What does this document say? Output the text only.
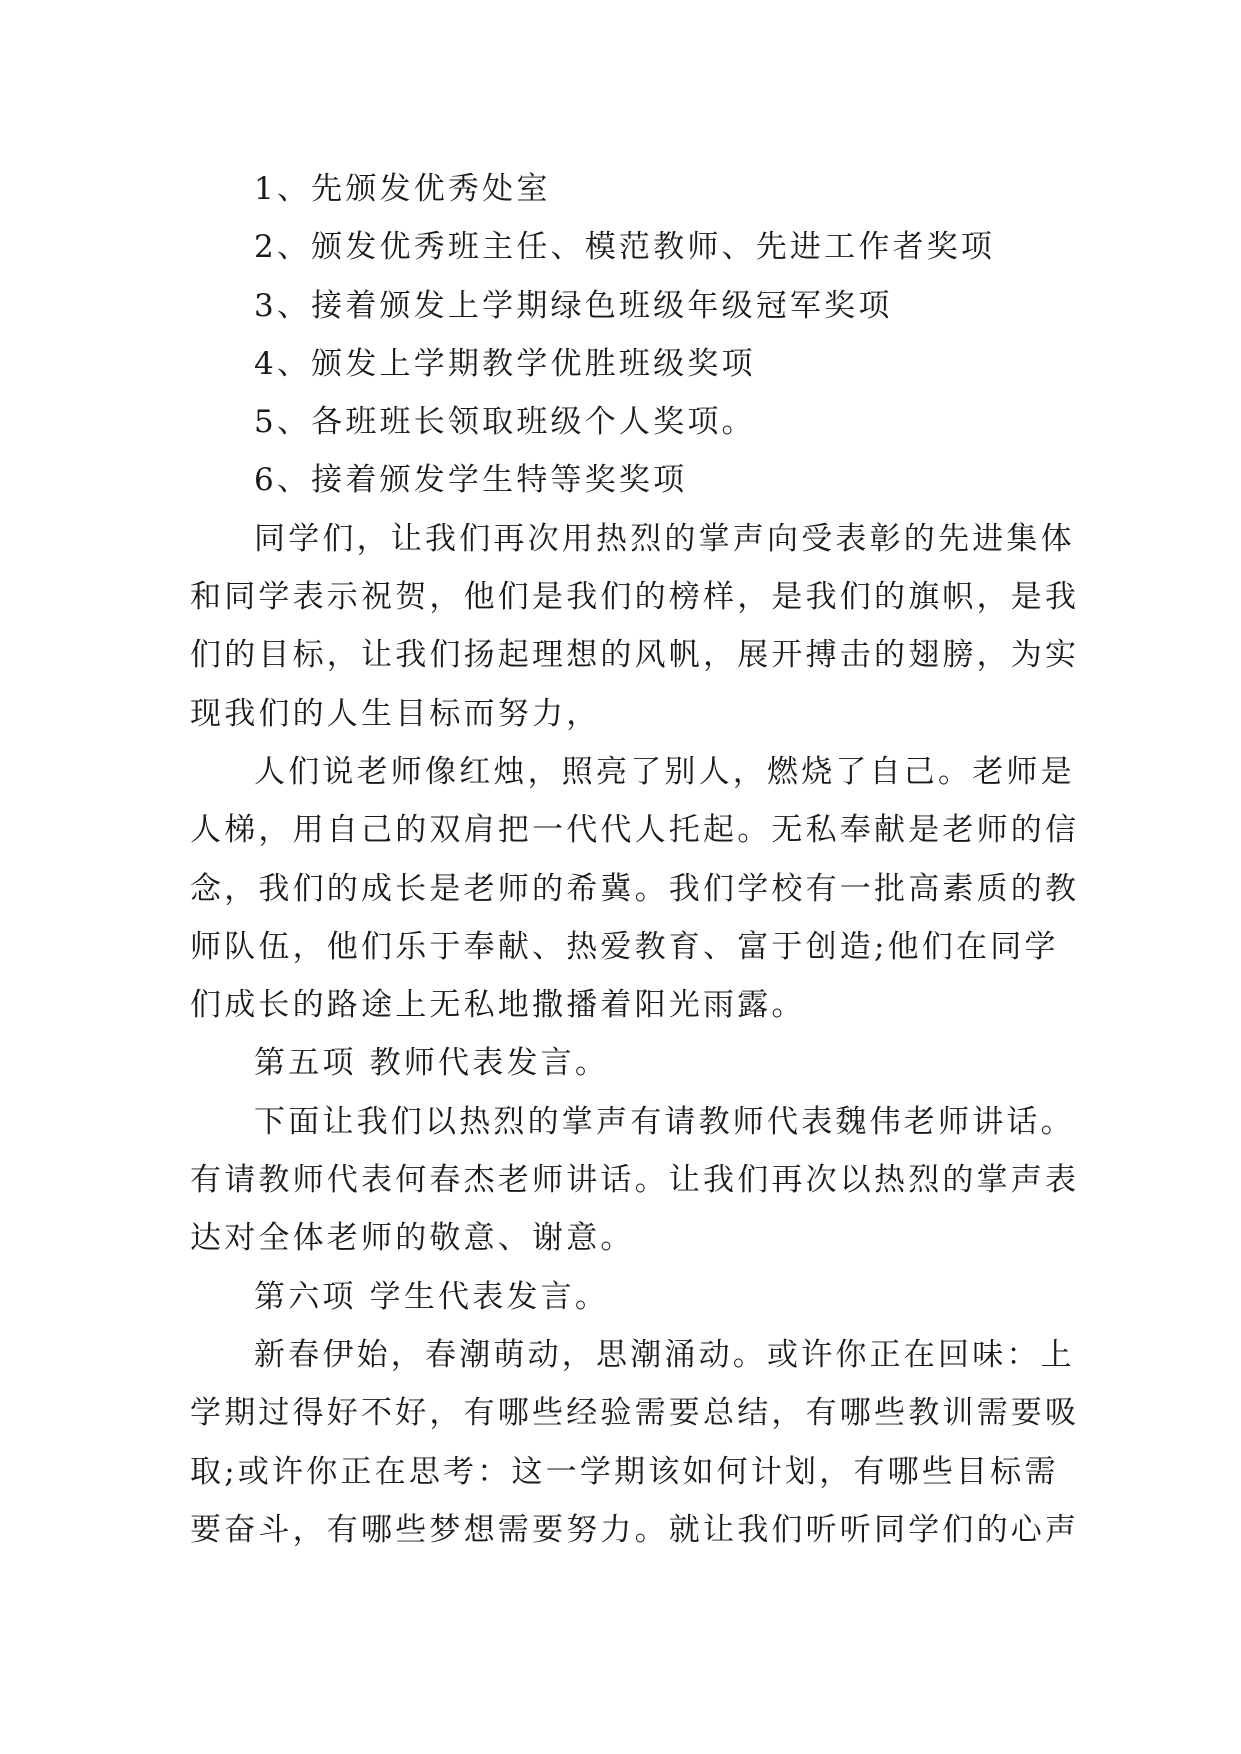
1、先颁发优秀处室
2、颁发优秀班主任、模范教师、先进工作者奖项
3、接着颁发上学期绿色班级年级冠军奖项
4、颁发上学期教学优胜班级奖项
5、各班班长领取班级个人奖项。
6、接着颁发学生特等奖奖项
同学们，让我们再次用热烈的掌声向受表彰的先进集体
和同学表示祝贺，他们是我们的榜样，是我们的旗帜，是我
们的目标，让我们扬起理想的风帆，展开搏击的翅膀，为实
现我们的人生目标而努力，
人们说老师像红烛，照亮了别人，燃烧了自己。老师是
人梯，用自己的双肩把一代代人托起。无私奉献是老师的信
念，我们的成长是老师的希冀。我们学校有一批高素质的教
师队伍，他们乐于奉献、热爱教育、富于创造;他们在同学
们成长的路途上无私地撒播着阳光雨露。
第五项 教师代表发言。
下面让我们以热烈的掌声有请教师代表魏伟老师讲话。
有请教师代表何春杰老师讲话。让我们再次以热烈的掌声表
达对全体老师的敬意、谢意。
第六项 学生代表发言。
新春伊始，春潮萌动，思潮涌动。或许你正在回味：上
学期过得好不好，有哪些经验需要总结，有哪些教训需要吸
取;或许你正在思考：这一学期该如何计划，有哪些目标需
要奋斗，有哪些梦想需要努力。就让我们听听同学们的心声
